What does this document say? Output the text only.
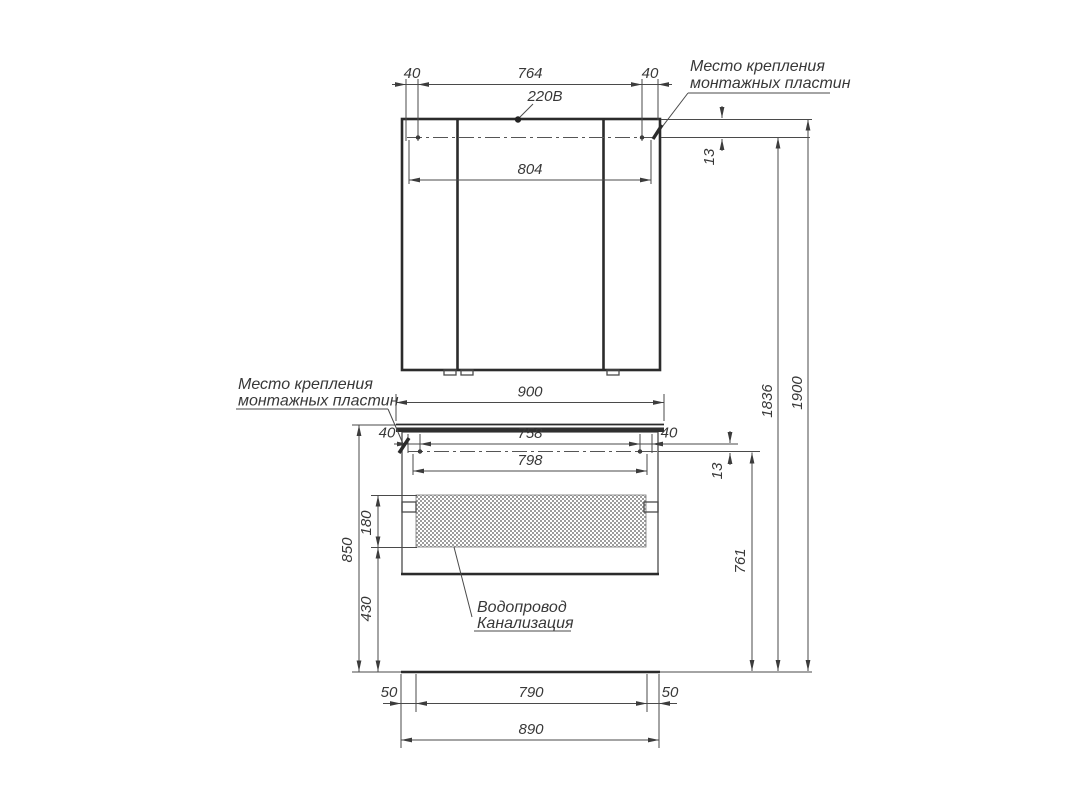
220В
40	764	40
804
13
1836 1900
761
Место крепления
монтажных пластин
900
40	758	40
798
13
850
180
430
50	790	50
890
Место крепления
монтажных пластин
Водопровод
Канализация
